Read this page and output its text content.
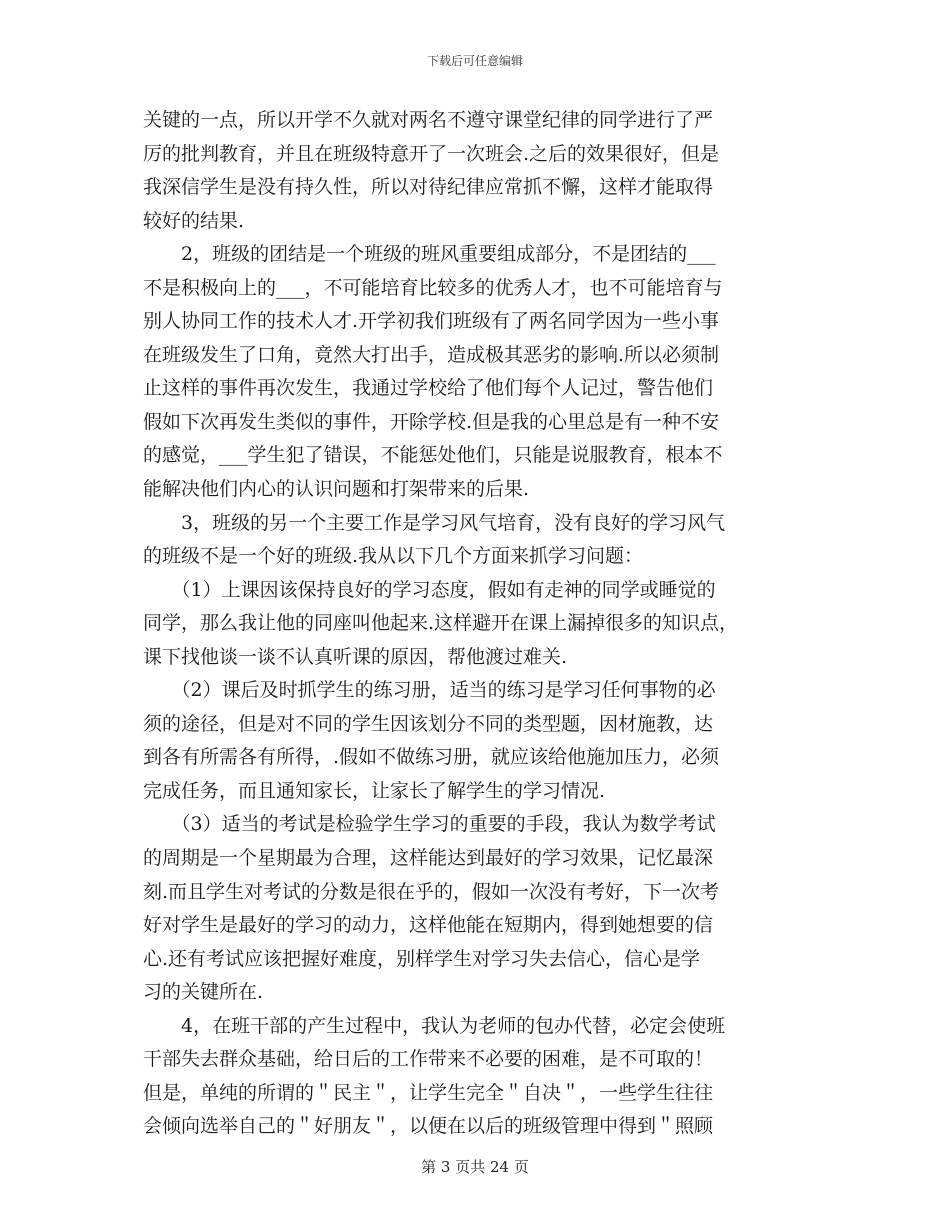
下载后可任意编辑
关键的一点，所以开学不久就对两名不遵守课堂纪律的同学进行了严
厉的批判教育，并且在班级特意开了一次班会.之后的效果很好，但是
我深信学生是没有持久性，所以对待纪律应常抓不懈，这样才能取得
较好的结果.
　　2，班级的团结是一个班级的班风重要组成部分，不是团结的___
不是积极向上的___，不可能培育比较多的优秀人才，也不可能培育与
别人协同工作的技术人才.开学初我们班级有了两名同学因为一些小事
在班级发生了口角，竟然大打出手，造成极其恶劣的影响.所以必须制
止这样的事件再次发生，我通过学校给了他们每个人记过，警告他们
假如下次再发生类似的事件，开除学校.但是我的心里总是有一种不安
的感觉，___学生犯了错误，不能惩处他们，只能是说服教育，根本不
能解决他们内心的认识问题和打架带来的后果.
　　3，班级的另一个主要工作是学习风气培育，没有良好的学习风气
的班级不是一个好的班级.我从以下几个方面来抓学习问题：
　　（1）上课因该保持良好的学习态度，假如有走神的同学或睡觉的
同学，那么我让他的同座叫他起来.这样避开在课上漏掉很多的知识点，
课下找他谈一谈不认真听课的原因，帮他渡过难关.
　　（2）课后及时抓学生的练习册，适当的练习是学习任何事物的必
须的途径，但是对不同的学生因该划分不同的类型题，因材施教，达
到各有所需各有所得，.假如不做练习册，就应该给他施加压力，必须
完成任务，而且通知家长，让家长了解学生的学习情况.
　　（3）适当的考试是检验学生学习的重要的手段，我认为数学考试
的周期是一个星期最为合理，这样能达到最好的学习效果，记忆最深
刻.而且学生对考试的分数是很在乎的，假如一次没有考好，下一次考
好对学生是最好的学习的动力，这样他能在短期内，得到她想要的信
心.还有考试应该把握好难度，别样学生对学习失去信心，信心是学
习的关键所在.
　　4，在班干部的产生过程中，我认为老师的包办代替，必定会使班
干部失去群众基础，给日后的工作带来不必要的困难，是不可取的！
但是，单纯的所谓的＂民主＂，让学生完全＂自决＂，一些学生往往
会倾向选举自己的＂好朋友＂，以便在以后的班级管理中得到＂照顾
第 3 页共 24 页
